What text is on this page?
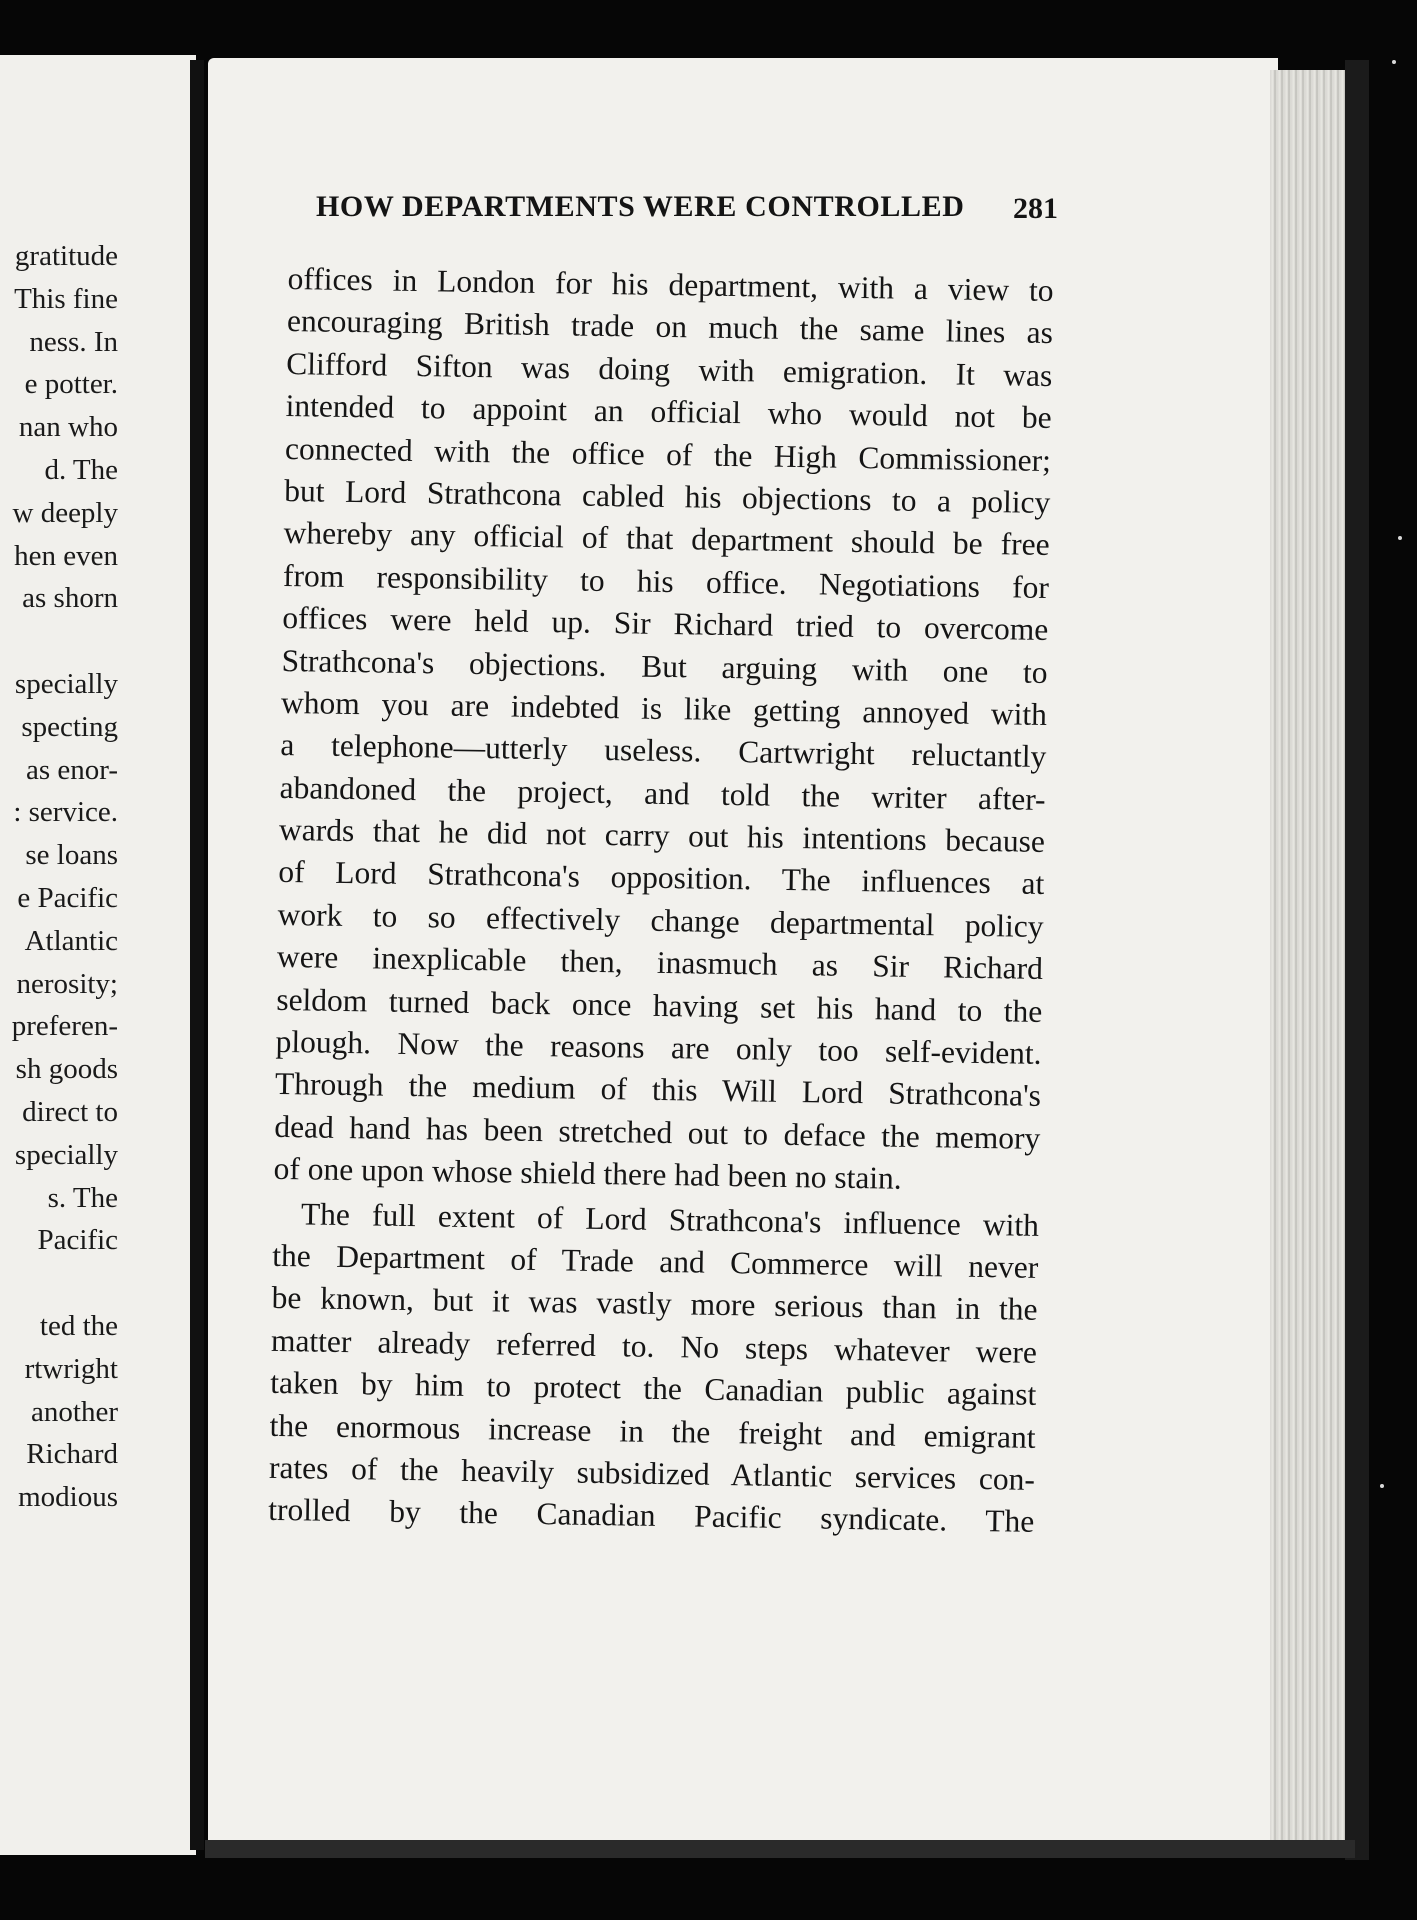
gratitude
This fine
ness. In
e potter.
nan who
d. The
w deeply
hen even
as shorn
specially
specting
as enor-
: service.
se loans
e Pacific
Atlantic
nerosity;
preferen-
sh goods
direct to
specially
s. The
Pacific
ted the
rtwright
another
Richard
modious
HOW DEPARTMENTS WERE CONTROLLED 281
offices in London for his department, with a view to
encouraging British trade on much the same lines as
Clifford Sifton was doing with emigration. It was
intended to appoint an official who would not be
connected with the office of the High Commissioner;
but Lord Strathcona cabled his objections to a policy
whereby any official of that department should be free
from responsibility to his office. Negotiations for
offices were held up. Sir Richard tried to overcome
Strathcona's objections. But arguing with one to
whom you are indebted is like getting annoyed with
a telephone—utterly useless. Cartwright reluctantly
abandoned the project, and told the writer after-
wards that he did not carry out his intentions because
of Lord Strathcona's opposition. The influences at
work to so effectively change departmental policy
were inexplicable then, inasmuch as Sir Richard
seldom turned back once having set his hand to the
plough. Now the reasons are only too self-evident.
Through the medium of this Will Lord Strathcona's
dead hand has been stretched out to deface the memory
of one upon whose shield there had been no stain.
The full extent of Lord Strathcona's influence with
the Department of Trade and Commerce will never
be known, but it was vastly more serious than in the
matter already referred to. No steps whatever were
taken by him to protect the Canadian public against
the enormous increase in the freight and emigrant
rates of the heavily subsidized Atlantic services con-
trolled by the Canadian Pacific syndicate. The
